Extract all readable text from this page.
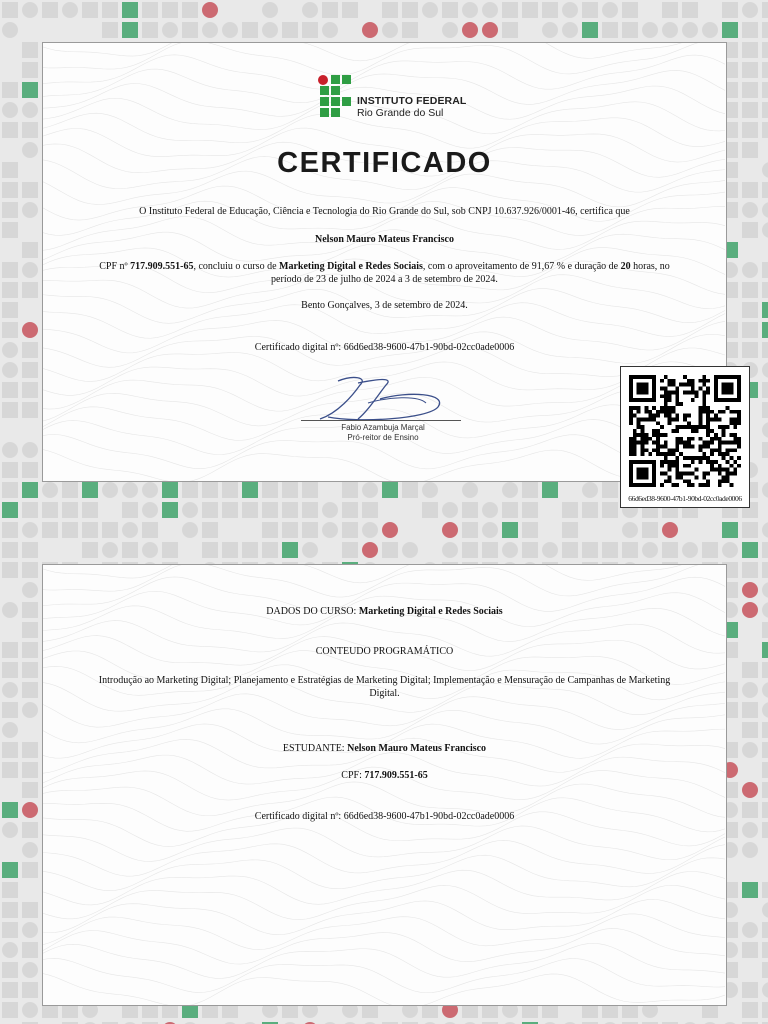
INSTITUTO FEDERAL
Rio Grande do Sul
CERTIFICADO
O Instituto Federal de Educação, Ciência e Tecnologia do Rio Grande do Sul, sob CNPJ 10.637.926/0001-46, certifica que
Nelson Mauro Mateus Francisco
CPF nº 717.909.551-65, concluiu o curso de Marketing Digital e Redes Sociais, com o aproveitamento de 91,67 % e duração de 20 horas, no
período de 23 de julho de 2024 a 3 de setembro de 2024.
Bento Gonçalves, 3 de setembro de 2024.
Certificado digital nº: 66d6ed38-9600-47b1-90bd-02cc0ade0006
Fabio Azambuja Marçal
Pró-reitor de Ensino
66d6ed38-9600-47b1-90bd-02cc0ade0006
DADOS DO CURSO: Marketing Digital e Redes Sociais
CONTEUDO PROGRAMÁTICO
Introdução ao Marketing Digital; Planejamento e Estratégias de Marketing Digital; Implementação e Mensuração de Campanhas de Marketing
Digital.
ESTUDANTE: Nelson Mauro Mateus Francisco
CPF: 717.909.551-65
Certificado digital nº: 66d6ed38-9600-47b1-90bd-02cc0ade0006
